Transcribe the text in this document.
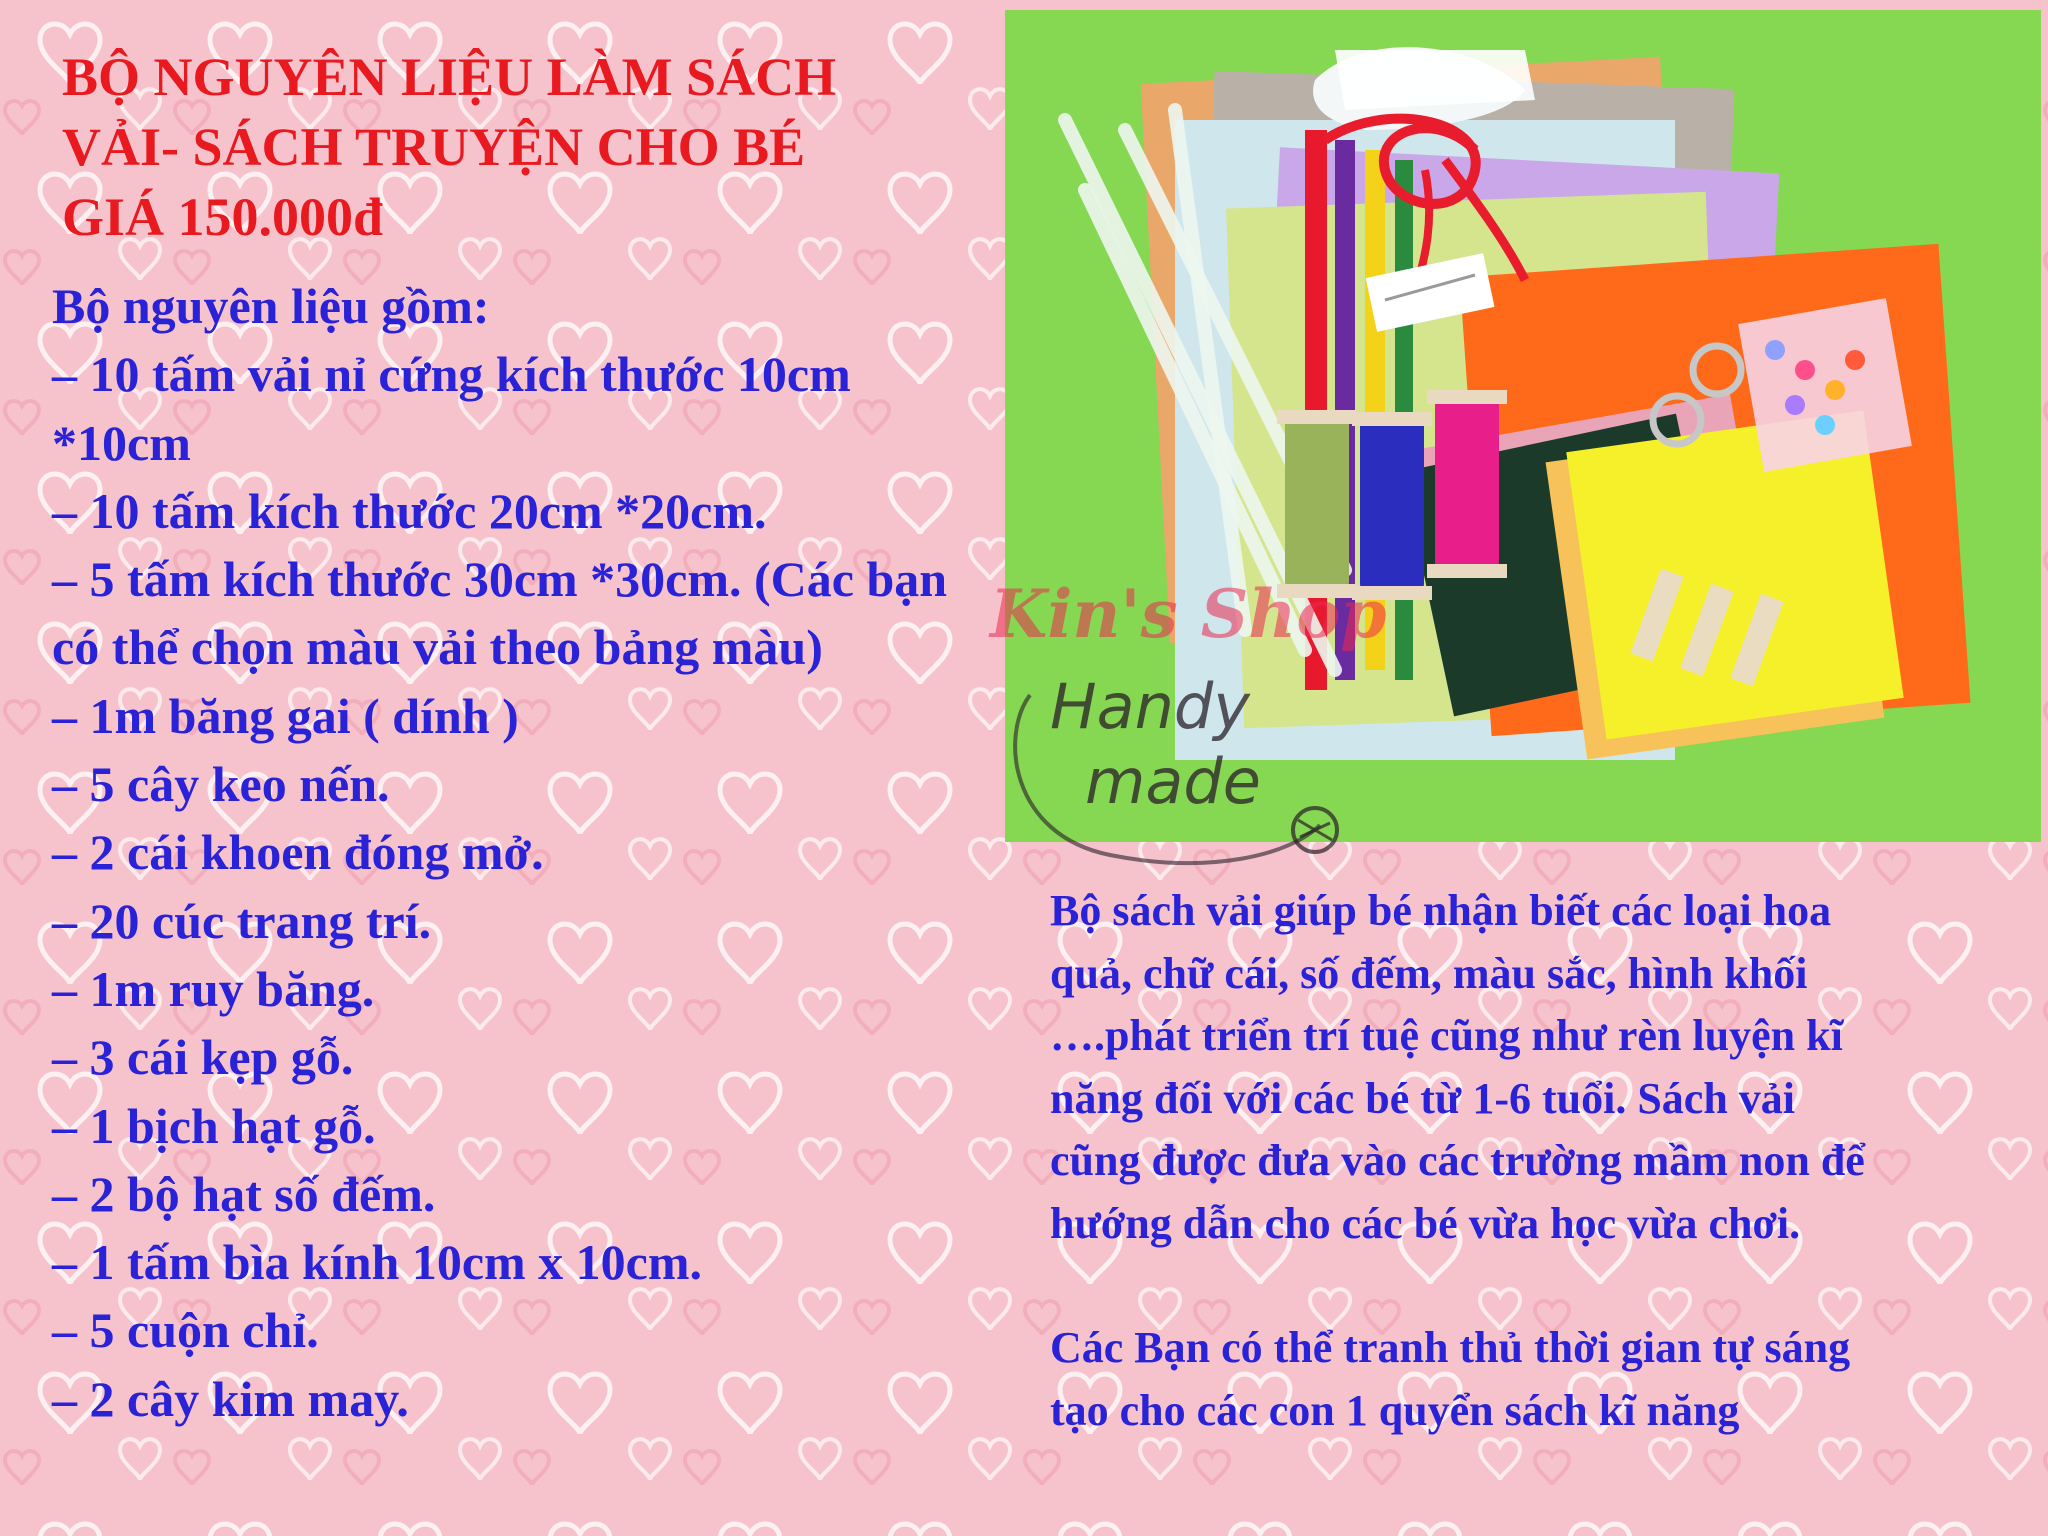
BỘ NGUYÊN LIỆU LÀM SÁCH
VẢI- SÁCH TRUYỆN CHO BÉ
GIÁ 150.000đ
Bộ nguyên liệu gồm:
– 10 tấm vải nỉ cứng kích thước 10cm
*10cm
– 10 tấm kích thước 20cm *20cm.
– 5 tấm kích thước 30cm *30cm. (Các bạn
có thể chọn màu vải theo bảng màu)
– 1m băng gai ( dính )
– 5 cây keo nến.
– 2 cái khoen đóng mở.
– 20 cúc trang trí.
– 1m ruy băng.
– 3 cái kẹp gỗ.
– 1 bịch hạt gỗ.
– 2 bộ hạt số đếm.
– 1 tấm bìa kính 10cm x 10cm.
– 5 cuộn chỉ.
– 2 cây kim may.
Kin's Shop
Handy
made
Bộ sách vải giúp bé nhận biết các loại hoa
quả, chữ cái, số đếm, màu sắc, hình khối
….phát triển trí tuệ cũng như rèn luyện kĩ
năng đối với các bé từ 1-6 tuổi. Sách vải
cũng được đưa vào các trường mầm non để
hướng dẫn cho các bé vừa học vừa chơi.
Các Bạn có thể tranh thủ thời gian tự sáng
tạo cho các con 1 quyển sách kĩ năng
